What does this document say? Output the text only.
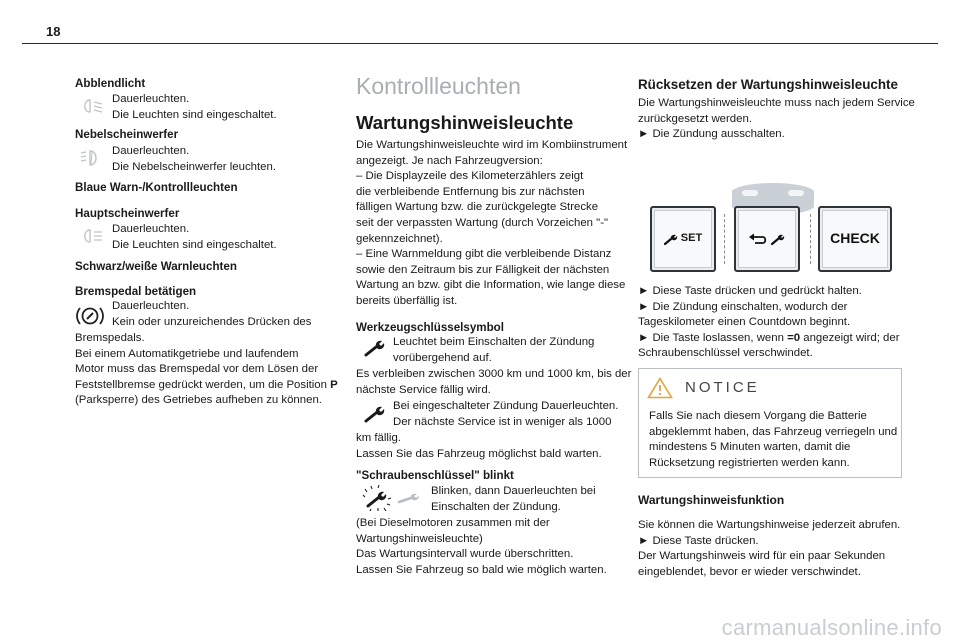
18
Abblendlicht
Dauerleuchten.
Die Leuchten sind eingeschaltet.
Nebelscheinwerfer
Dauerleuchten.
Die Nebelscheinwerfer leuchten.
Blaue Warn-/Kontrollleuchten
Hauptscheinwerfer
Dauerleuchten.
Die Leuchten sind eingeschaltet.
Schwarz/weiße Warnleuchten
Bremspedal betätigen
Dauerleuchten.
Kein oder unzureichendes Drücken des
Bremspedals.
Bei einem Automatikgetriebe und laufendem
Motor muss das Bremspedal vor dem Lösen der
Feststellbremse gedrückt werden, um die Position P
(Parksperre) des Getriebes aufheben zu können.
Kontrollleuchten
Wartungshinweisleuchte
Die Wartungshinweisleuchte wird im Kombiinstrument
angezeigt. Je nach Fahrzeugversion:
– Die Displayzeile des Kilometerzählers zeigt
die verbleibende Entfernung bis zur nächsten
fälligen Wartung bzw. die zurückgelegte Strecke
seit der verpassten Wartung (durch Vorzeichen "-"
gekennzeichnet).
– Eine Warnmeldung gibt die verbleibende Distanz
sowie den Zeitraum bis zur Fälligkeit der nächsten
Wartung an bzw. gibt die Information, wie lange diese
bereits überfällig ist.
Werkzeugschlüsselsymbol
Leuchtet beim Einschalten der Zündung
vorübergehend auf.
Es verbleiben zwischen 3000 km und 1000 km, bis der
nächste Service fällig wird.
Bei eingeschalteter Zündung Dauerleuchten.
Der nächste Service ist in weniger als 1000
km fällig.
Lassen Sie das Fahrzeug möglichst bald warten.
"Schraubenschlüssel" blinkt
Blinken, dann Dauerleuchten bei
Einschalten der Zündung.
(Bei Dieselmotoren zusammen mit der
Wartungshinweisleuchte)
Das Wartungsintervall wurde überschritten.
Lassen Sie Fahrzeug so bald wie möglich warten.
Rücksetzen der Wartungshinweisleuchte
Die Wartungshinweisleuchte muss nach jedem Service
zurückgesetzt werden.
► Die Zündung ausschalten.
SET	CHECK
► Diese Taste drücken und gedrückt halten.
► Die Zündung einschalten, wodurch der
Tageskilometer einen Countdown beginnt.
► Die Taste loslassen, wenn =0 angezeigt wird; der
Schraubenschlüssel verschwindet.
NOTICE
Falls Sie nach diesem Vorgang die Batterie
abgeklemmt haben, das Fahrzeug verriegeln und
mindestens 5 Minuten warten, damit die
Rücksetzung registrierten werden kann.
Wartungshinweisfunktion
Sie können die Wartungshinweise jederzeit abrufen.
► Diese Taste drücken.
Der Wartungshinweis wird für ein paar Sekunden
eingeblendet, bevor er wieder verschwindet.
carmanualsonline.info
